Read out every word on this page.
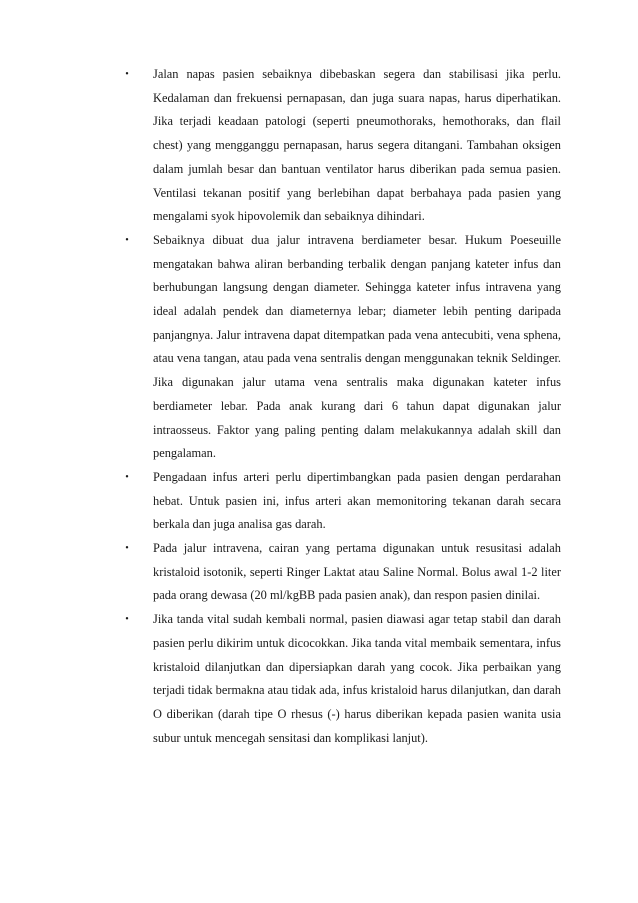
• Jalan napas pasien sebaiknya dibebaskan segera dan stabilisasi jika perlu. Kedalaman dan frekuensi pernapasan, dan juga suara napas, harus diperhatikan. Jika terjadi keadaan patologi (seperti pneumothoraks, hemothoraks, dan flail chest) yang mengganggu pernapasan, harus segera ditangani. Tambahan oksigen dalam jumlah besar dan bantuan ventilator harus diberikan pada semua pasien. Ventilasi tekanan positif yang berlebihan dapat berbahaya pada pasien yang mengalami syok hipovolemik dan sebaiknya dihindari.
• Sebaiknya dibuat dua jalur intravena berdiameter besar. Hukum Poeseuille mengatakan bahwa aliran berbanding terbalik dengan panjang kateter infus dan berhubungan langsung dengan diameter. Sehingga kateter infus intravena yang ideal adalah pendek dan diameternya lebar; diameter lebih penting daripada panjangnya. Jalur intravena dapat ditempatkan pada vena antecubiti, vena sphena, atau vena tangan, atau pada vena sentralis dengan menggunakan teknik Seldinger. Jika digunakan jalur utama vena sentralis maka digunakan kateter infus berdiameter lebar. Pada anak kurang dari 6 tahun dapat digunakan jalur intraosseus. Faktor yang paling penting dalam melakukannya adalah skill dan pengalaman.
• Pengadaan infus arteri perlu dipertimbangkan pada pasien dengan perdarahan hebat. Untuk pasien ini, infus arteri akan memonitoring tekanan darah secara berkala dan juga analisa gas darah.
• Pada jalur intravena, cairan yang pertama digunakan untuk resusitasi adalah kristaloid isotonik, seperti Ringer Laktat atau Saline Normal. Bolus awal 1-2 liter pada orang dewasa (20 ml/kgBB pada pasien anak), dan respon pasien dinilai.
• Jika tanda vital sudah kembali normal, pasien diawasi agar tetap stabil dan darah pasien perlu dikirim untuk dicocokkan. Jika tanda vital membaik sementara, infus kristaloid dilanjutkan dan dipersiapkan darah yang cocok. Jika perbaikan yang terjadi tidak bermakna atau tidak ada, infus kristaloid harus dilanjutkan, dan darah O diberikan (darah tipe O rhesus (-) harus diberikan kepada pasien wanita usia subur untuk mencegah sensitasi dan komplikasi lanjut).
